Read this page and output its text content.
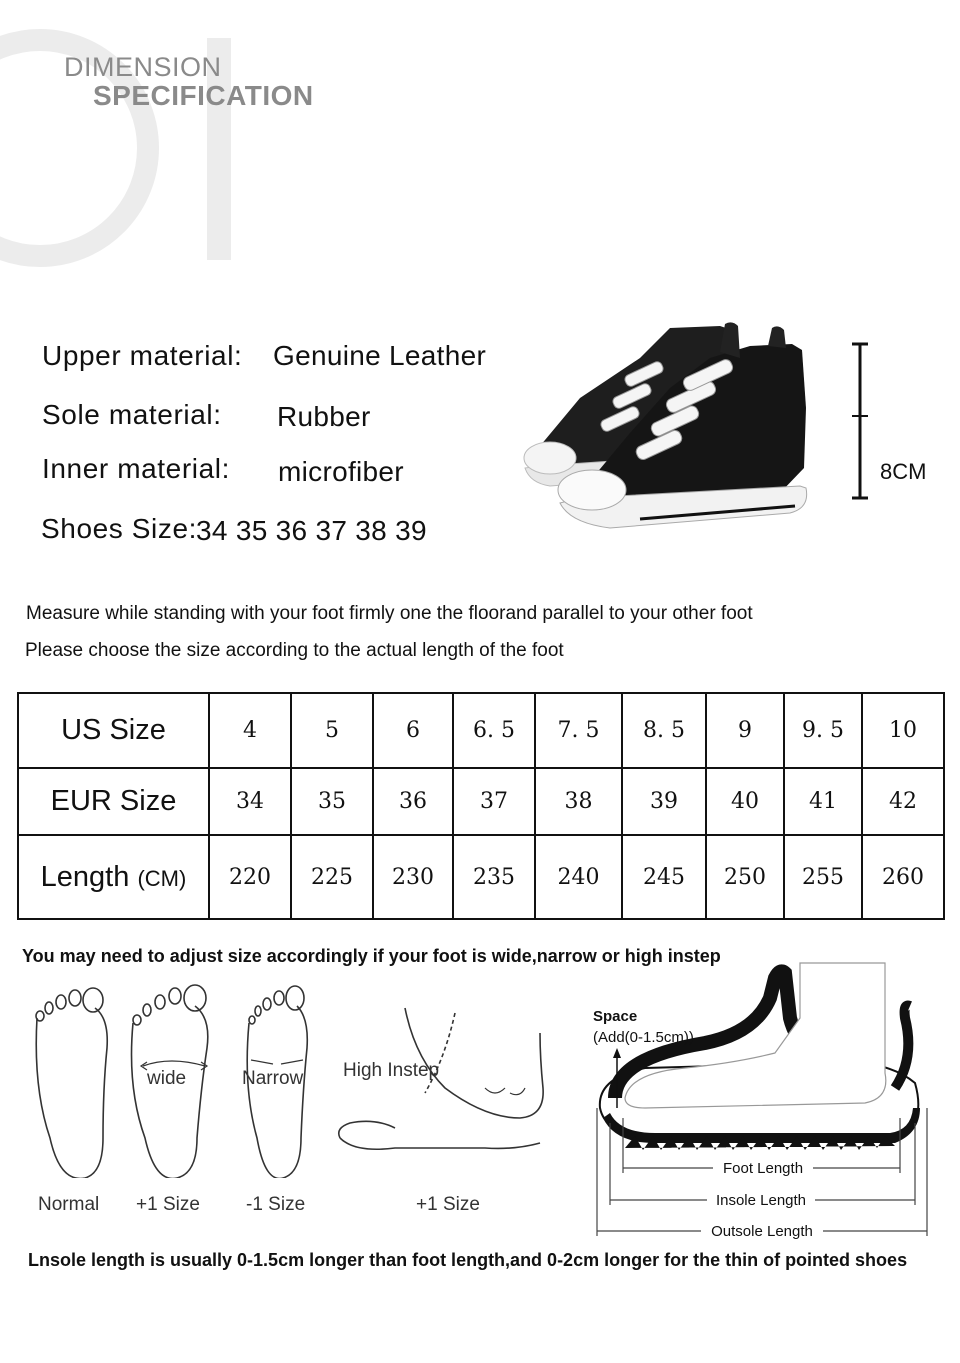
DIMENSION
SPECIFICATION
Upper material: Genuine Leather
Sole material: Rubber
Inner material: microfiber
Shoes Size:
34 35 36 37 38 39
8CM
Measure while standing with your foot firmly one the floorand parallel to your other foot
Please choose the size according to the actual length of the foot
US Size	4	5	6	6. 5	7. 5	8. 5	9	9. 5	10
EUR Size	34	35	36	37	38	39	40	41	42
Length (CM)	220	225	230	235	240	245	250	255	260
You may need to adjust size accordingly if your foot is wide,narrow or high instep
wide	Narrow High Instep
Normal +1 Size -1 Size	+1 Size
Space
(Add(0-1.5cm))
Foot Length
Insole Length
Outsole Length
Lnsole length is usually 0-1.5cm longer than foot length,and 0-2cm longer for the thin of pointed shoes
